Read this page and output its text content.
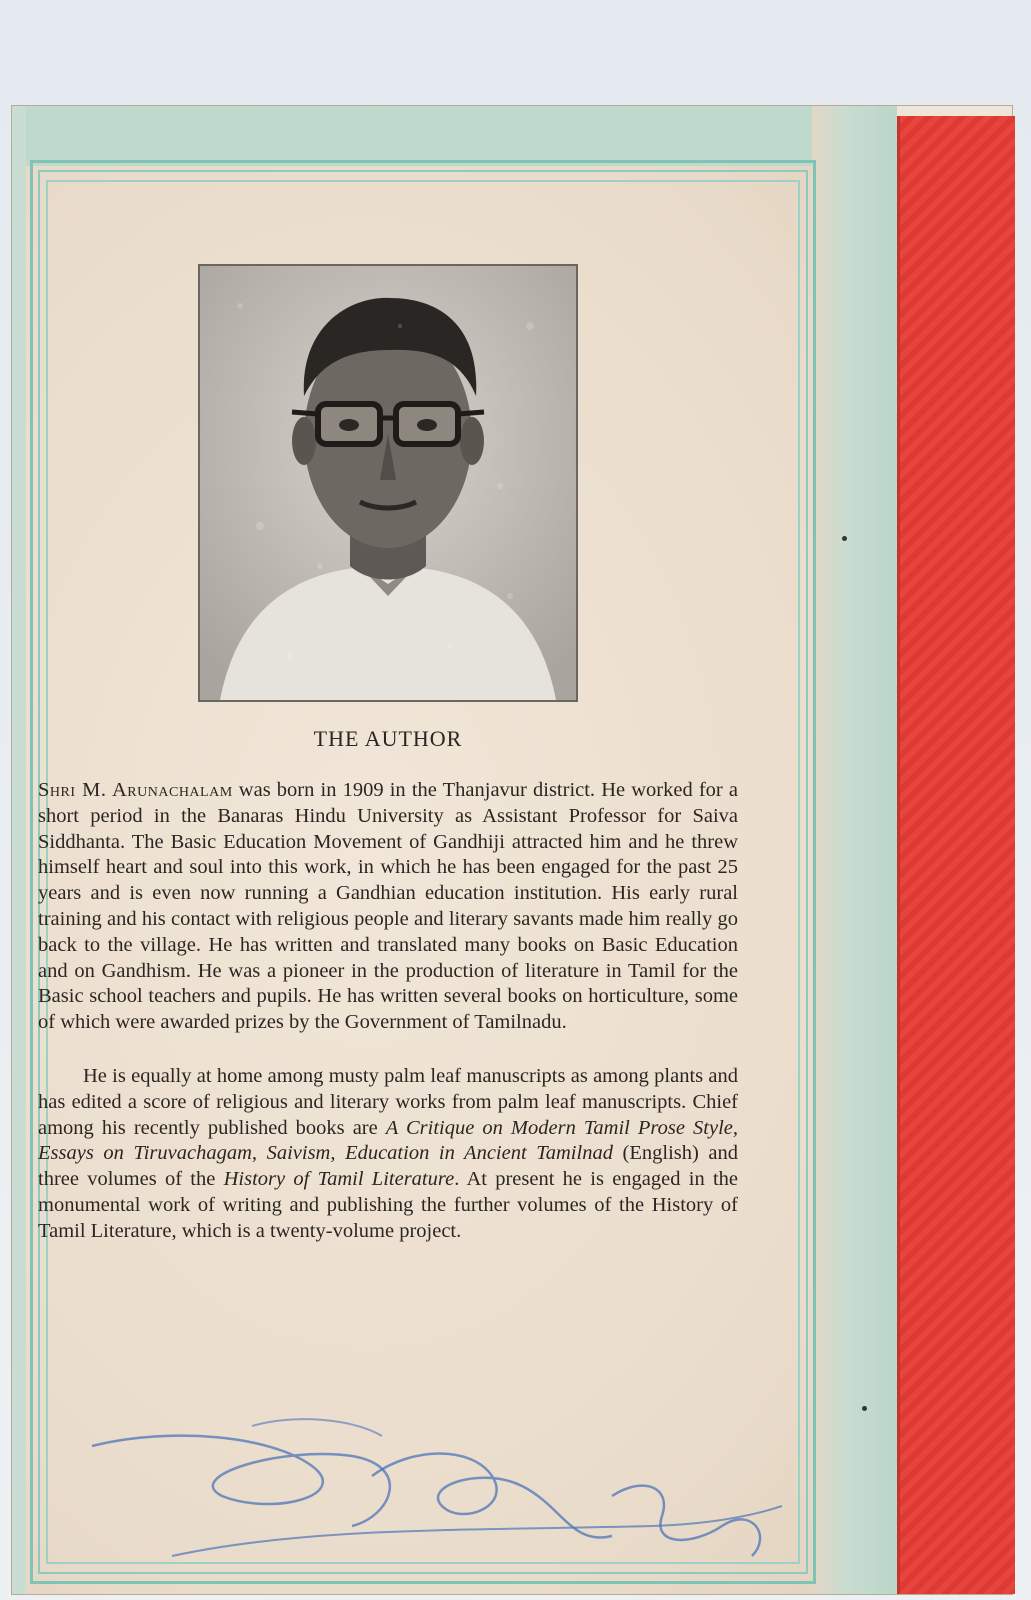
THE AUTHOR

Shri M. Arunachalam was born in 1909 in the Thanjavur district. He worked for a short period in the Banaras Hindu University as Assistant Professor for Saiva Siddhanta. The Basic Education Movement of Gandhiji attracted him and he threw himself heart and soul into this work, in which he has been engaged for the past 25 years and is even now running a Gandhian education institution. His early rural training and his contact with religious people and literary savants made him really go back to the village. He has written and translated many books on Basic Education and on Gandhism. He was a pioneer in the production of literature in Tamil for the Basic school teachers and pupils. He has written several books on horticulture, some of which were awarded prizes by the Government of Tamilnadu.

He is equally at home among musty palm leaf manuscripts as among plants and has edited a score of religious and literary works from palm leaf manuscripts. Chief among his recently published books are A Critique on Modern Tamil Prose Style, Essays on Tiruvachagam, Saivism, Education in Ancient Tamilnad (English) and three volumes of the History of Tamil Literature. At present he is engaged in the monumental work of writing and publishing the further volumes of the History of Tamil Literature, which is a twenty-volume project.
